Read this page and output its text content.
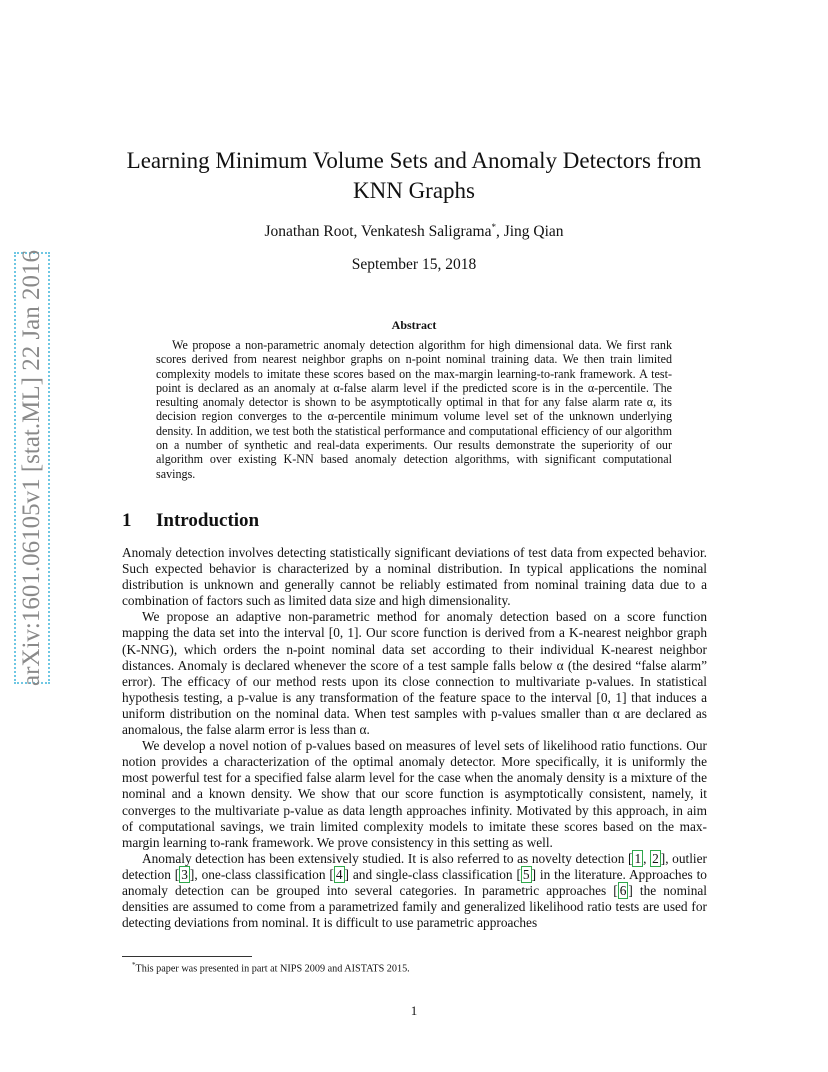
arXiv:1601.06105v1 [stat.ML] 22 Jan 2016
Learning Minimum Volume Sets and Anomaly Detectors from KNN Graphs

Jonathan Root, Venkatesh Saligrama*, Jing Qian

September 15, 2018

Abstract

We propose a non-parametric anomaly detection algorithm for high dimensional data. We first rank scores derived from nearest neighbor graphs on n-point nominal training data. We then train limited complexity models to imitate these scores based on the max-margin learning-to-rank framework. A test-point is declared as an anomaly at α-false alarm level if the predicted score is in the α-percentile. The resulting anomaly detector is shown to be asymptotically optimal in that for any false alarm rate α, its decision region converges to the α-percentile minimum volume level set of the unknown underlying density. In addition, we test both the statistical performance and computational efficiency of our algorithm on a number of synthetic and real-data experiments. Our results demonstrate the superiority of our algorithm over existing K-NN based anomaly detection algorithms, with significant computational savings.

1 Introduction

Anomaly detection involves detecting statistically significant deviations of test data from expected behavior. Such expected behavior is characterized by a nominal distribution. In typical applications the nominal distribution is unknown and generally cannot be reliably estimated from nominal training data due to a combination of factors such as limited data size and high dimensionality.

We propose an adaptive non-parametric method for anomaly detection based on a score function mapping the data set into the interval [0, 1]. Our score function is derived from a K-nearest neighbor graph (K-NNG), which orders the n-point nominal data set according to their individual K-nearest neighbor distances. Anomaly is declared whenever the score of a test sample falls below α (the desired “false alarm” error). The efficacy of our method rests upon its close connection to multivariate p-values. In statistical hypothesis testing, a p-value is any transformation of the feature space to the interval [0, 1] that induces a uniform distribution on the nominal data. When test samples with p-values smaller than α are declared as anomalous, the false alarm error is less than α.

We develop a novel notion of p-values based on measures of level sets of likelihood ratio functions. Our notion provides a characterization of the optimal anomaly detector. More specifically, it is uniformly the most powerful test for a specified false alarm level for the case when the anomaly density is a mixture of the nominal and a known density. We show that our score function is asymptotically consistent, namely, it converges to the multivariate p-value as data length approaches infinity. Motivated by this approach, in aim of computational savings, we train limited complexity models to imitate these scores based on the max-margin learning to-rank framework. We prove consistency in this setting as well.

Anomaly detection has been extensively studied. It is also referred to as novelty detection [ 1 , 2 ], outlier detection [ 3 ], one-class classification [ 4 ] and single-class classification [ 5 ] in the literature. Approaches to anomaly detection can be grouped into several categories. In parametric approaches [ 6 ] the nominal densities are assumed to come from a parametrized family and generalized likelihood ratio tests are used for detecting deviations from nominal. It is difficult to use parametric approaches

*This paper was presented in part at NIPS 2009 and AISTATS 2015.

1
